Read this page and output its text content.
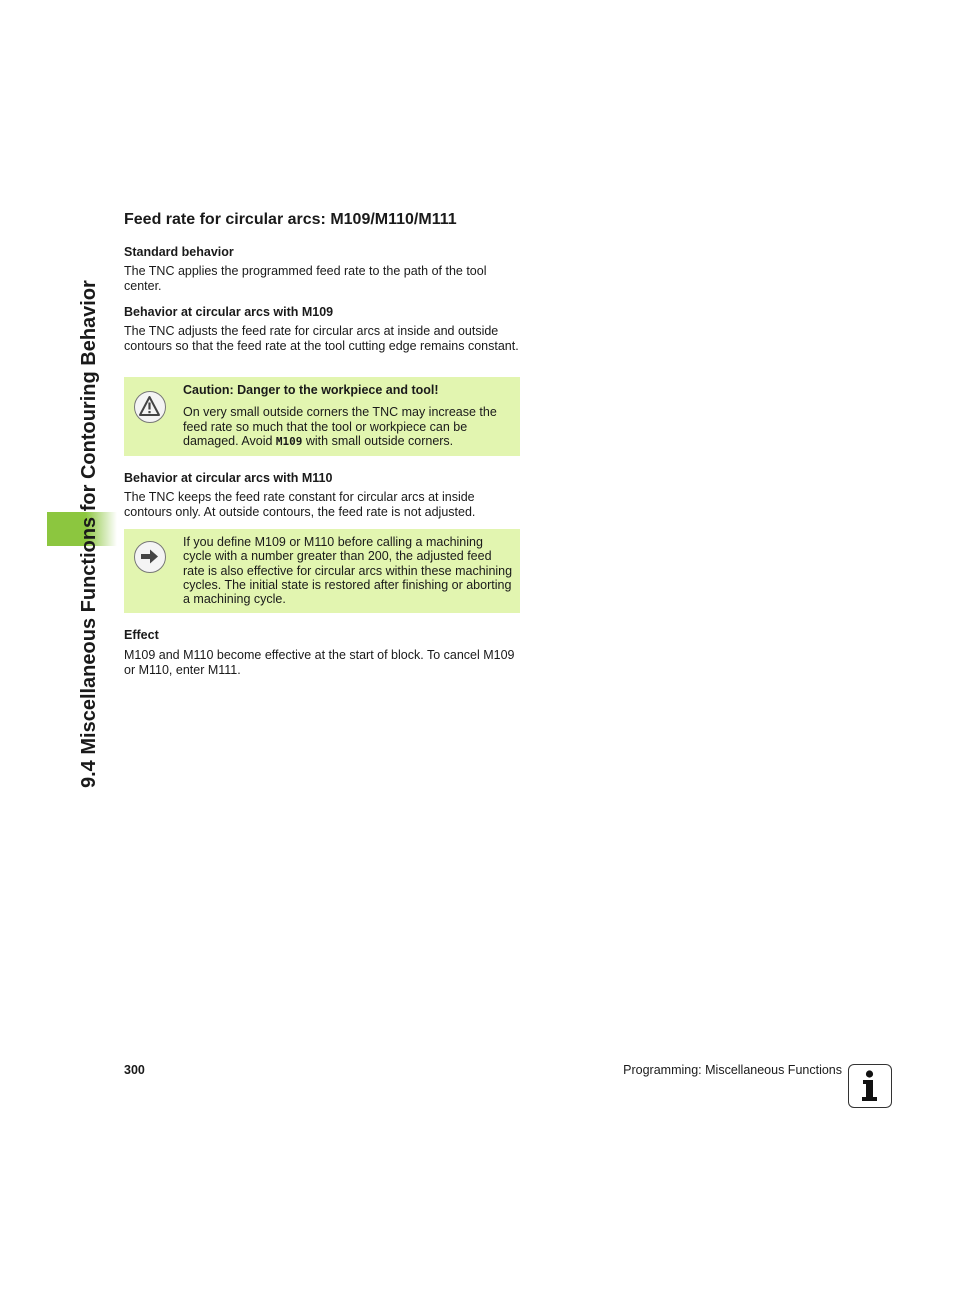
9.4 Miscellaneous Functions for Contouring Behavior
Feed rate for circular arcs: M109/M110/M111
Standard behavior
The TNC applies the programmed feed rate to the path of the tool center.
Behavior at circular arcs with M109
The TNC adjusts the feed rate for circular arcs at inside and outside contours so that the feed rate at the tool cutting edge remains constant.
Caution: Danger to the workpiece and tool!
On very small outside corners the TNC may increase the feed rate so much that the tool or workpiece can be damaged. Avoid M109 with small outside corners.
Behavior at circular arcs with M110
The TNC keeps the feed rate constant for circular arcs at inside contours only. At outside contours, the feed rate is not adjusted.
If you define M109 or M110 before calling a machining cycle with a number greater than 200, the adjusted feed rate is also effective for circular arcs within these machining cycles. The initial state is restored after finishing or aborting a machining cycle.
Effect
M109 and M110 become effective at the start of block. To cancel M109 or M110, enter M111.
300	Programming: Miscellaneous Functions
